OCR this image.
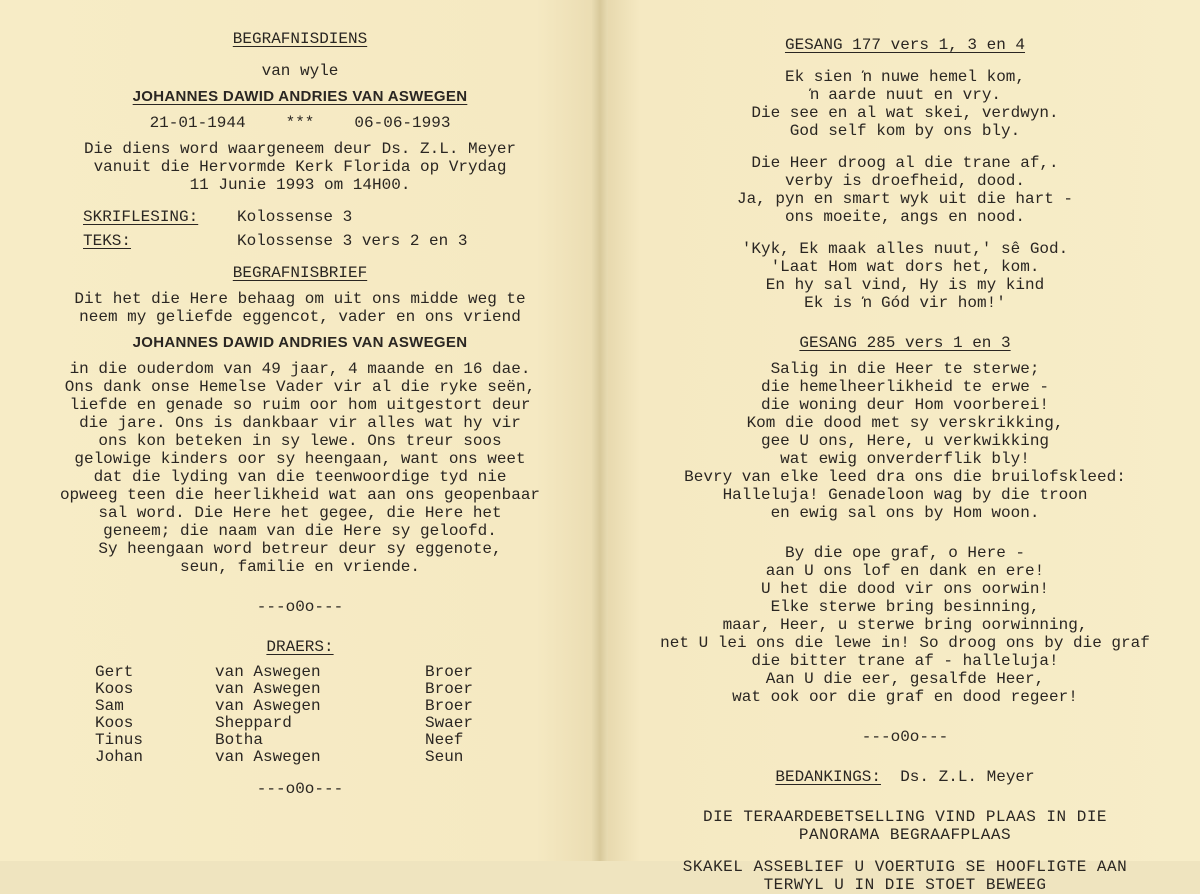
BEGRAFNISDIENS

van wyle

JOHANNES DAWID ANDRIES VAN ASWEGEN

21-01-1944	***	06-06-1993

Die diens word waargeneem deur Ds. Z.L. Meyer

vanuit die Hervormde Kerk Florida op Vrydag

11 Junie 1993 om 14H00.

SKRIFLESING:	Kolossense 3
TEKS:	Kolossense 3 vers 2 en 3

BEGRAFNISBRIEF

Dit het die Here behaag om uit ons midde weg te

neem my geliefde eggencot, vader en ons vriend

JOHANNES DAWID ANDRIES VAN ASWEGEN

in die ouderdom van 49 jaar, 4 maande en 16 dae.

Ons dank onse Hemelse Vader vir al die ryke seën,

liefde en genade so ruim oor hom uitgestort deur

die jare. Ons is dankbaar vir alles wat hy vir

ons kon beteken in sy lewe. Ons treur soos

gelowige kinders oor sy heengaan, want ons weet

dat die lyding van die teenwoordige tyd nie

opweeg teen die heerlikheid wat aan ons geopenbaar

sal word. Die Here het gegee, die Here het

geneem; die naam van die Here sy geloofd.

Sy heengaan word betreur deur sy eggenote,

seun, familie en vriende.

---o0o---

DRAERS:

Gert	van Aswegen	Broer
Koos	van Aswegen	Broer
Sam	van Aswegen	Broer
Koos	Sheppard	Swaer
Tinus	Botha	Neef
Johan	van Aswegen	Seun

---o0o---

GESANG 177 vers 1, 3 en 4

Ek sien ŉ nuwe hemel kom,

ŉ aarde nuut en vry.

Die see en al wat skei, verdwyn.

God self kom by ons bly.

Die Heer droog al die trane af,.

verby is droefheid, dood.

Ja, pyn en smart wyk uit die hart -

ons moeite, angs en nood.

'Kyk, Ek maak alles nuut,' sê God.

'Laat Hom wat dors het, kom.

En hy sal vind, Hy is my kind

Ek is ŉ Gód vir hom!'

GESANG 285 vers 1 en 3

Salig in die Heer te sterwe;

die hemelheerlikheid te erwe -

die woning deur Hom voorberei!

Kom die dood met sy verskrikking,

gee U ons, Here, u verkwikking

wat ewig onverderflik bly!

Bevry van elke leed dra ons die bruilofskleed:

Halleluja! Genadeloon wag by die troon

en ewig sal ons by Hom woon.

By die ope graf, o Here -

aan U ons lof en dank en ere!

U het die dood vir ons oorwin!

Elke sterwe bring besinning,

maar, Heer, u sterwe bring oorwinning,

net U lei ons die lewe in! So droog ons by die graf

die bitter trane af - halleluja!

Aan U die eer, gesalfde Heer,

wat ook oor die graf en dood regeer!

---o0o---

BEDANKINGS: Ds. Z.L. Meyer

DIE TERAARDEBETSELLING VIND PLAAS IN DIE

PANORAMA BEGRAAFPLAAS

SKAKEL ASSEBLIEF U VOERTUIG SE HOOFLIGTE AAN

TERWYL U IN DIE STOET BEWEEG
